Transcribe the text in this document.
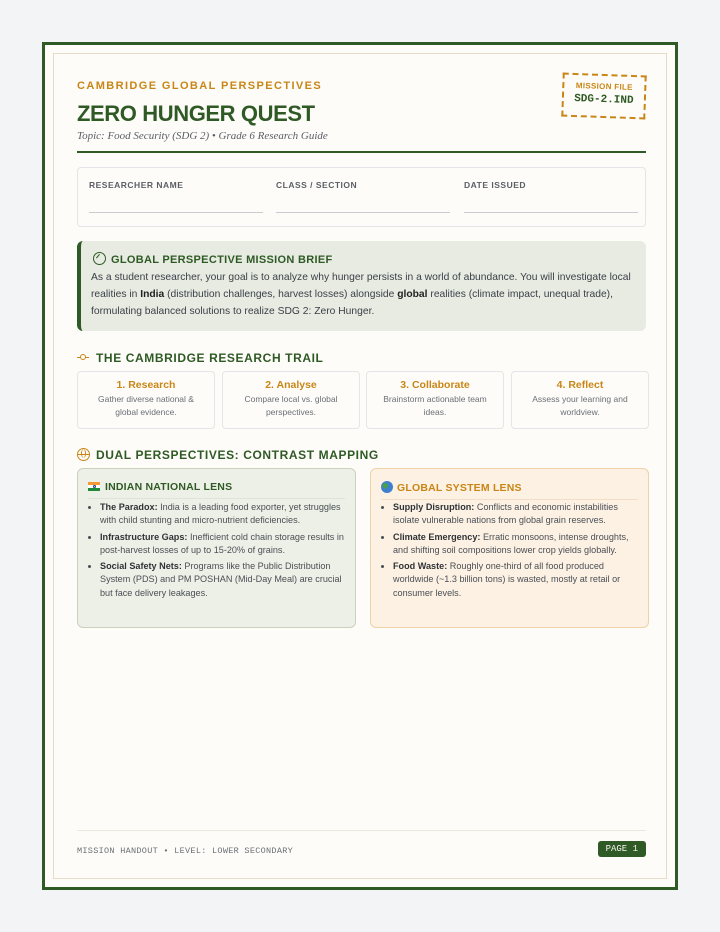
CAMBRIDGE GLOBAL PERSPECTIVES
ZERO HUNGER QUEST
Topic: Food Security (SDG 2) • Grade 6 Research Guide
MISSION FILE
SDG-2.IND
RESEARCHER NAME	CLASS / SECTION	DATE ISSUED
GLOBAL PERSPECTIVE MISSION BRIEF
As a student researcher, your goal is to analyze why hunger persists in a world of abundance. You will investigate local realities in India (distribution challenges, harvest losses) alongside global realities (climate impact, unequal trade), formulating balanced solutions to realize SDG 2: Zero Hunger.
THE CAMBRIDGE RESEARCH TRAIL
1. Research
Gather diverse national & global evidence.
2. Analyse
Compare local vs. global perspectives.
3. Collaborate
Brainstorm actionable team ideas.
4. Reflect
Assess your learning and worldview.
DUAL PERSPECTIVES: CONTRAST MAPPING
INDIAN NATIONAL LENS
• The Paradox: India is a leading food exporter, yet struggles with child stunting and micro-nutrient deficiencies.
• Infrastructure Gaps: Inefficient cold chain storage results in post-harvest losses of up to 15-20% of grains.
• Social Safety Nets: Programs like the Public Distribution System (PDS) and PM POSHAN (Mid-Day Meal) are crucial but face delivery leakages.
GLOBAL SYSTEM LENS
• Supply Disruption: Conflicts and economic instabilities isolate vulnerable nations from global grain reserves.
• Climate Emergency: Erratic monsoons, intense droughts, and shifting soil compositions lower crop yields globally.
• Food Waste: Roughly one-third of all food produced worldwide (~1.3 billion tons) is wasted, mostly at retail or consumer levels.
MISSION HANDOUT • LEVEL: LOWER SECONDARY	PAGE 1
